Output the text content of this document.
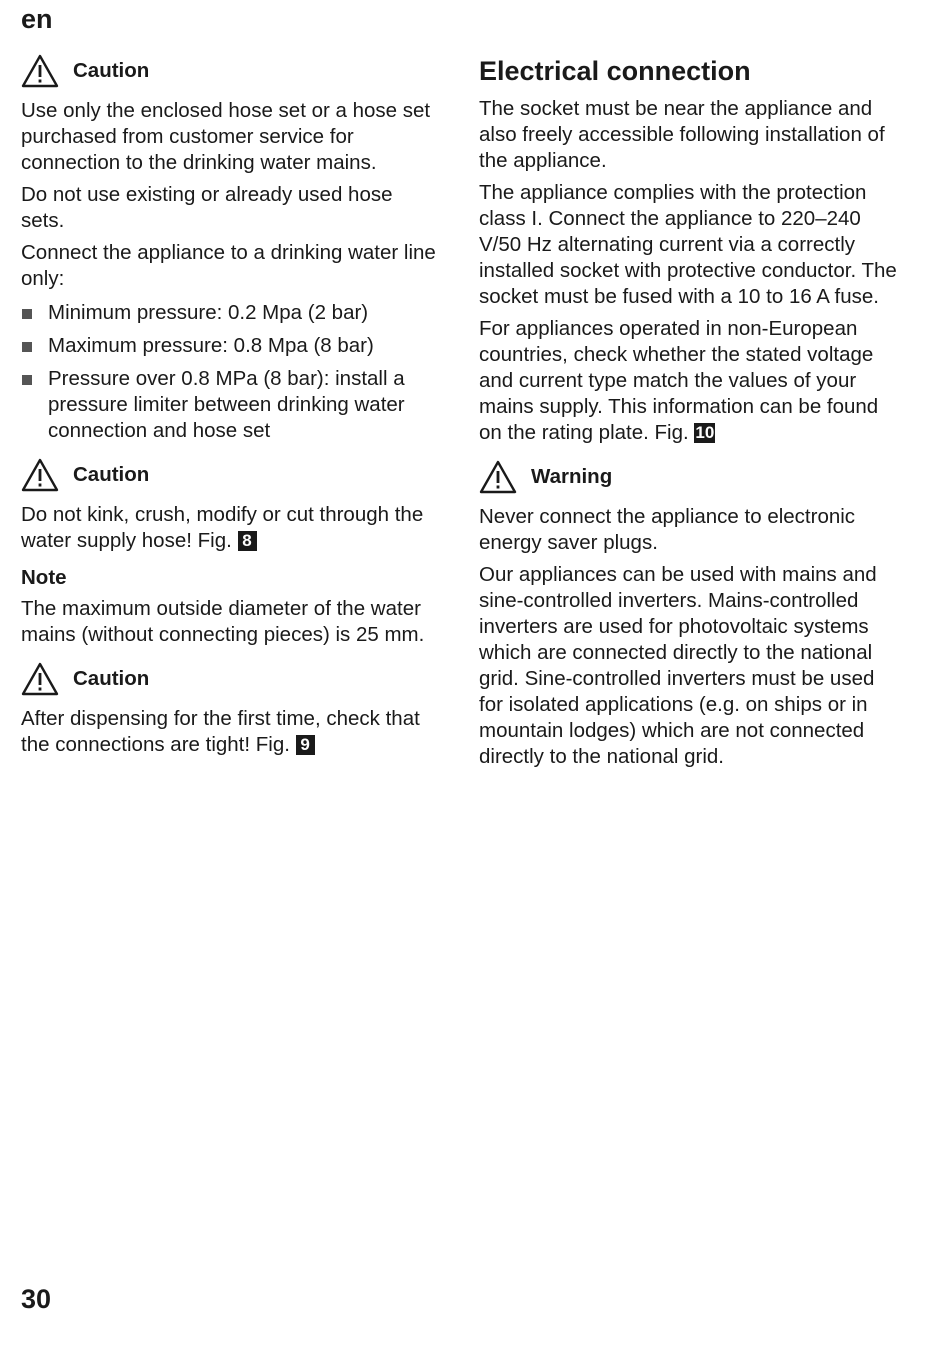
en
Caution

Use only the enclosed hose set or a hose set purchased from customer service for connection to the drinking water mains.

Do not use existing or already used hose sets.

Connect the appliance to a drinking water line only:

Minimum pressure: 0.2 Mpa (2 bar)
Maximum pressure: 0.8 Mpa (8 bar)
Pressure over 0.8 MPa (8 bar): install a pressure limiter between drinking water connection and hose set
Caution

Do not kink, crush, modify or cut through the water supply hose! Fig. 8

Note

The maximum outside diameter of the water mains (without connecting pieces) is 25 mm.

Caution

After dispensing for the first time, check that the connections are tight! Fig. 9

Electrical connection

The socket must be near the appliance and also freely accessible following installation of the appliance.

The appliance complies with the protection class I. Connect the appliance to 220–240 V/50 Hz alternating current via a correctly installed socket with protective conductor. The socket must be fused with a 10 to 16 A fuse.

For appliances operated in non-European countries, check whether the stated voltage and current type match the values of your mains supply. This information can be found on the rating plate. Fig. 10

Warning

Never connect the appliance to electronic energy saver plugs.

Our appliances can be used with mains and sine-controlled inverters. Mains-controlled inverters are used for photovoltaic systems which are connected directly to the national grid. Sine-controlled inverters must be used for isolated applications (e.g. on ships or in mountain lodges) which are not connected directly to the national grid.

30
